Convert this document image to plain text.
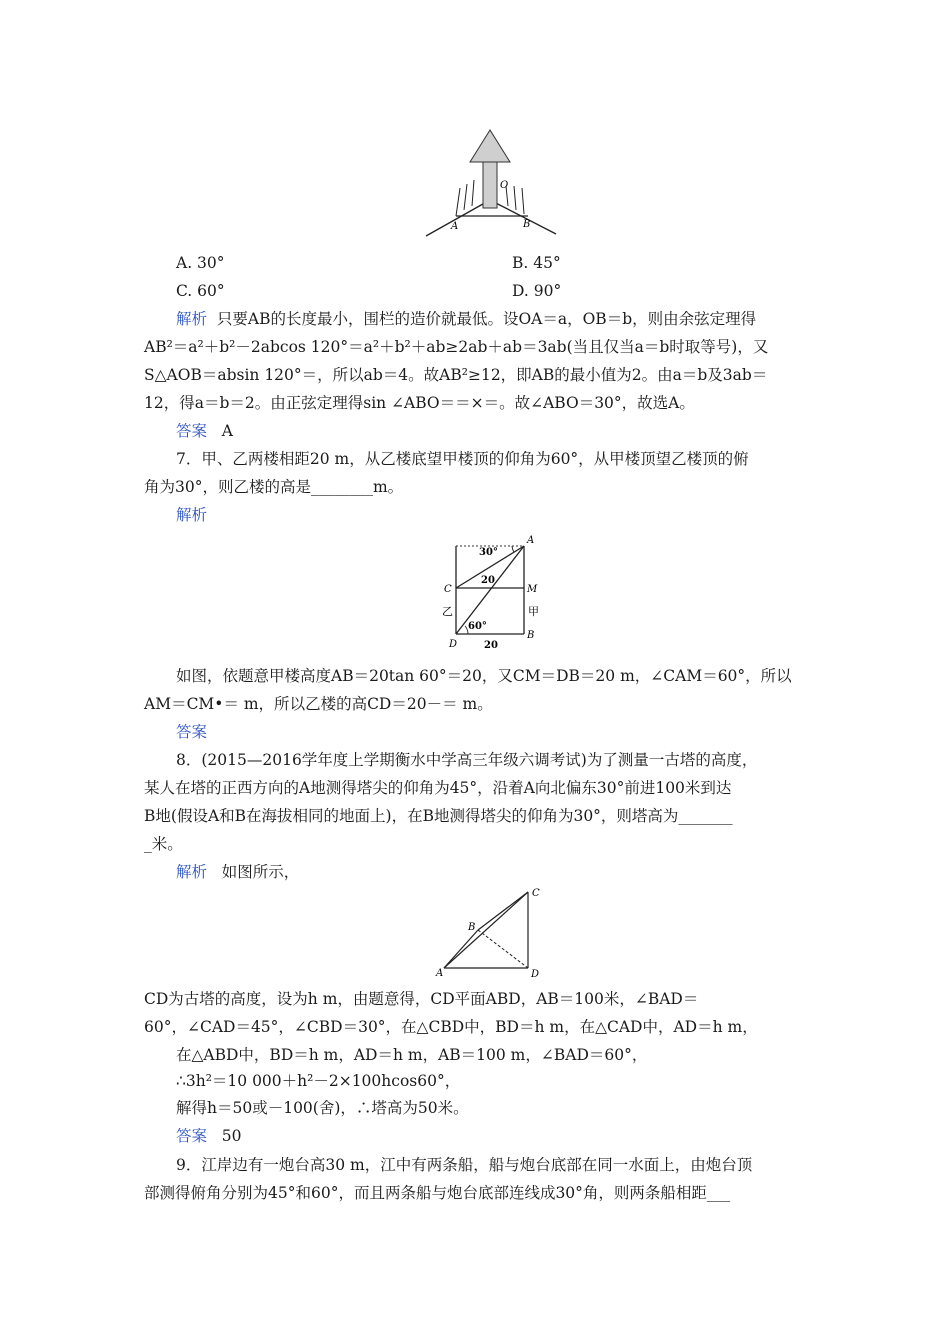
A	B
O
A. 30°	B. 45°
C. 60°	D. 90°
解析 只要AB的长度最小，围栏的造价就最低。设OA＝a，OB＝b，则由余弦定理得
AB²＝a²＋b²－2abcos 120°＝a²＋b²＋ab≥2ab＋ab＝3ab(当且仅当a＝b时取等号)，又
S△AOB＝absin 120°＝，所以ab＝4。故AB²≥12，即AB的最小值为2。由a＝b及3ab＝
12，得a＝b＝2。由正弦定理得sin ∠ABO＝＝×＝。故∠ABO＝30°，故选A。
答案 A
7．甲、乙两楼相距20 m，从乙楼底望甲楼顶的仰角为60°，从甲楼顶望乙楼顶的俯
角为30°，则乙楼的高是________m。
解析
30°
60°
20
20
A
B
C
D
M
乙	甲
如图，依题意甲楼高度AB＝20tan 60°＝20，又CM＝DB＝20 m，∠CAM＝60°，所以
AM＝CM•＝ m，所以乙楼的高CD＝20－＝ m。
答案
8．(2015—2016学年度上学期衡水中学高三年级六调考试)为了测量一古塔的高度，
某人在塔的正西方向的A地测得塔尖的仰角为45°，沿着A向北偏东30°前进100米到达
B地(假设A和B在海拔相同的地面上)，在B地测得塔尖的仰角为30°，则塔高为_______
_米。
解析 如图所示，
A
B
C
D
CD为古塔的高度，设为h m，由题意得，CD平面ABD，AB＝100米，∠BAD＝
60°，∠CAD＝45°，∠CBD＝30°，在△CBD中，BD＝h m，在△CAD中，AD＝h m，
在△ABD中，BD＝h m，AD＝h m，AB＝100 m，∠BAD＝60°，
∴3h²＝10 000＋h²－2×100hcos60°，
解得h＝50或－100(舍)，∴塔高为50米。
答案 50
9．江岸边有一炮台高30 m，江中有两条船，船与炮台底部在同一水面上，由炮台顶
部测得俯角分别为45°和60°，而且两条船与炮台底部连线成30°角，则两条船相距___
